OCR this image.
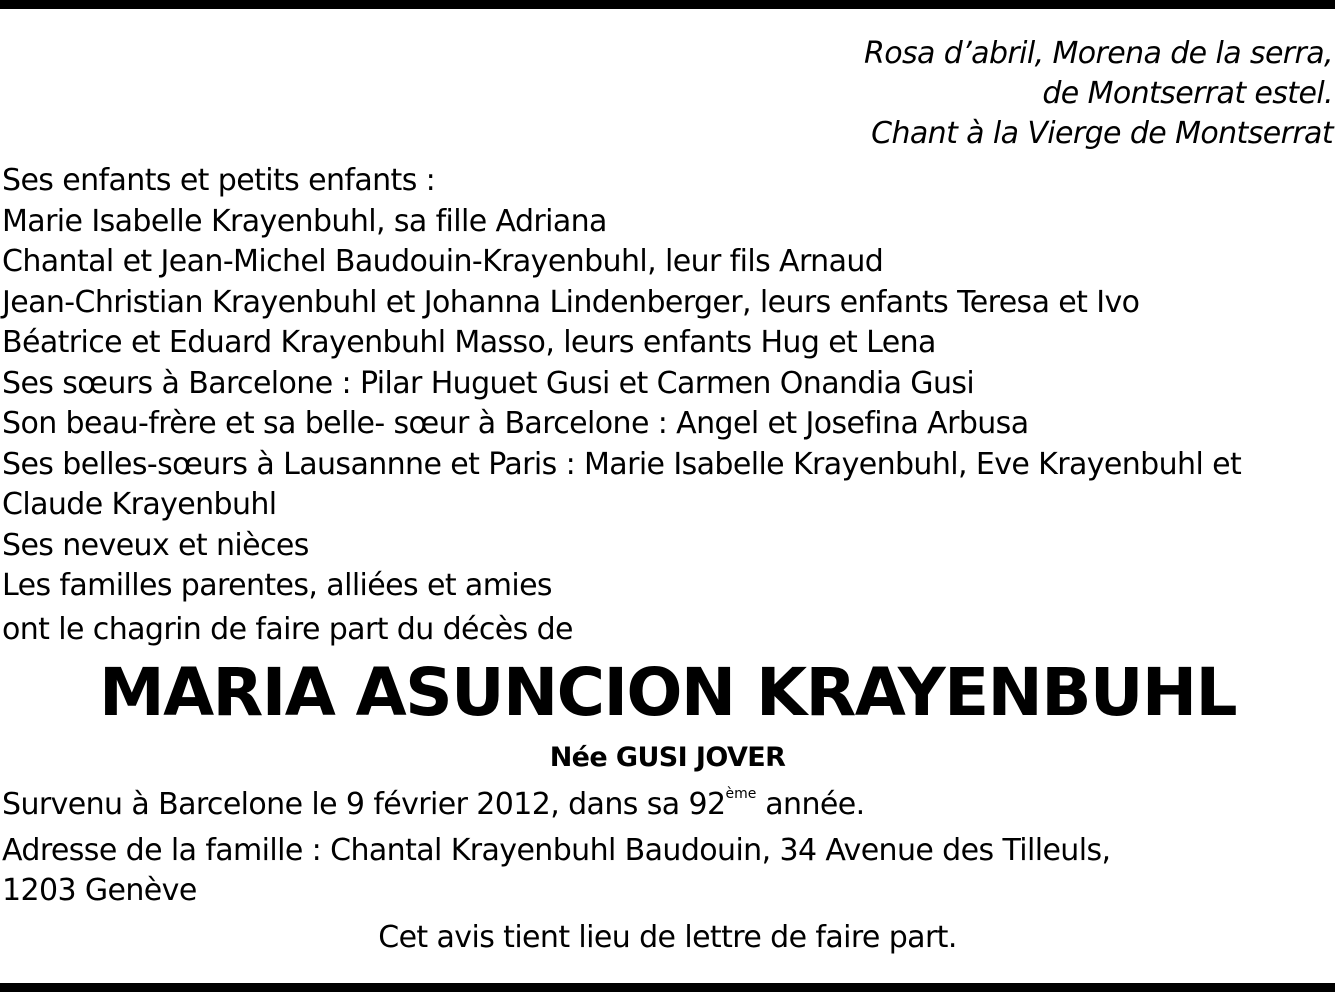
Rosa d’abril, Morena de la serra,
de Montserrat estel.
Chant à la Vierge de Montserrat
Ses enfants et petits enfants :
Marie Isabelle Krayenbuhl, sa fille Adriana
Chantal et Jean-Michel Baudouin-Krayenbuhl, leur fils Arnaud
Jean-Christian Krayenbuhl et Johanna Lindenberger, leurs enfants Teresa et Ivo
Béatrice et Eduard Krayenbuhl Masso, leurs enfants Hug et Lena
Ses sœurs à Barcelone : Pilar Huguet Gusi et Carmen Onandia Gusi
Son beau-frère et sa belle- sœur à Barcelone : Angel et Josefina Arbusa
Ses belles-sœurs à Lausannne et Paris : Marie Isabelle Krayenbuhl, Eve Krayenbuhl et Claude Krayenbuhl
Ses neveux et nièces
Les familles parentes, alliées et amies
ont le chagrin de faire part du décès de
MARIA ASUNCION KRAYENBUHL
Née GUSI JOVER
Survenu à Barcelone le 9 février 2012, dans sa 92ème année.
Adresse de la famille : Chantal Krayenbuhl Baudouin, 34 Avenue des Tilleuls,
1203 Genève
Cet avis tient lieu de lettre de faire part.
